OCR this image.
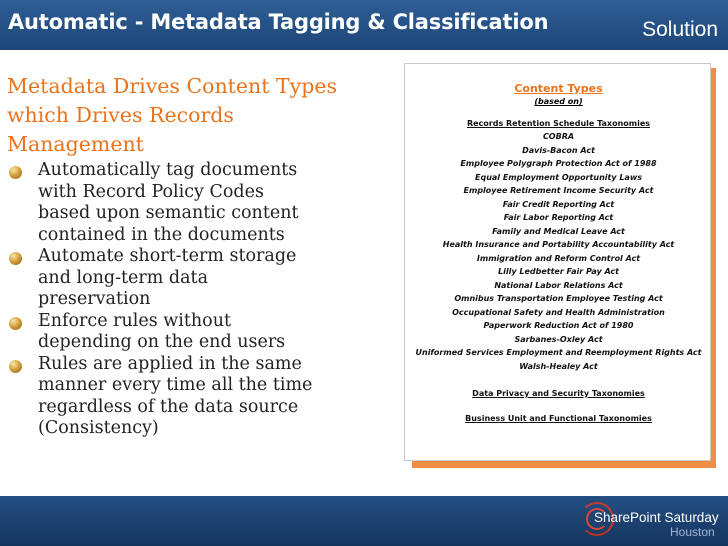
Automatic - Metadata Tagging & Classification	Solution
Metadata Drives Content Types
which Drives Records
Management
Automatically tag documents
with Record Policy Codes
based upon semantic content
contained in the documents
Automate short-term storage
and long-term data
preservation
Enforce rules without
depending on the end users
Rules are applied in the same
manner every time all the time
regardless of the data source
(Consistency)
Content Types
(based on)
Records Retention Schedule Taxonomies
COBRA
Davis-Bacon Act
Employee Polygraph Protection Act of 1988
Equal Employment Opportunity Laws
Employee Retirement Income Security Act
Fair Credit Reporting Act
Fair Labor Reporting Act
Family and Medical Leave Act
Health Insurance and Portability Accountability Act
Immigration and Reform Control Act
Lilly Ledbetter Fair Pay Act
National Labor Relations Act
Omnibus Transportation Employee Testing Act
Occupational Safety and Health Administration
Paperwork Reduction Act of 1980
Sarbanes-Oxley Act
Uniformed Services Employment and Reemployment Rights Act
Walsh-Healey Act
Data Privacy and Security Taxonomies
Business Unit and Functional Taxonomies
SharePoint Saturday
Houston
